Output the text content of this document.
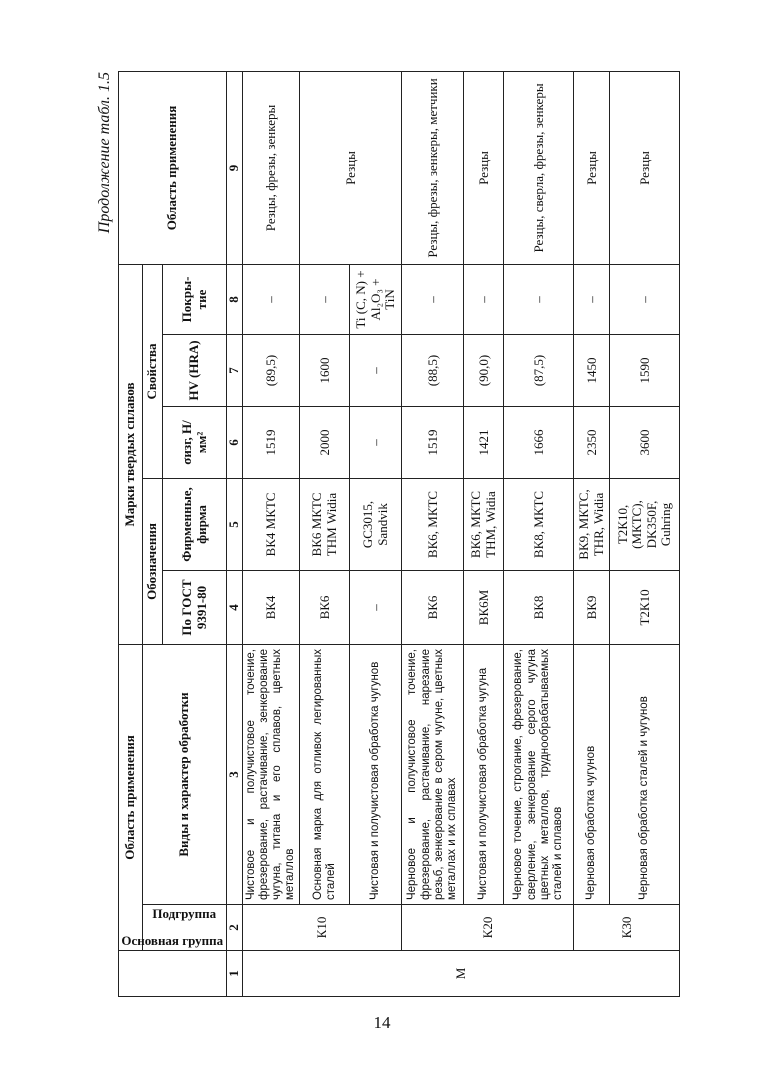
14
Продолжение табл. 1.5
Основная группа	Область применения		Марки твердых сплавов					Область применения
	Подгруппа	Виды и характер обработки	Обозначения		Свойства			
			По ГОСТ 9391-80	Фирменные, фирма	σизг, Н/мм²	HV (HRA)	Покры-тие	
1	2	3	4	5	6	7	8	9
М	К10	Чистовое и получистовое точение, фрезерование, растачивание, зенкерование чугуна, титана и его сплавов, цветных металлов	ВК4	ВК4 МКТС	1519	(89,5)	–	Резцы, фрезы, зенкеры
		Основная марка для отливок легированных сталей	ВК6	ВК6 МКТС ТНМ Widia	2000	1600	–	Резцы
		Чистовая и получистовая обработка чугунов	–	GC3015, Sandvik	–	–	Ti (C, N) + Al₂O₃ + TiN	
	К20	Черновое и получистовое точение, фрезерование, растачивание, нарезание резьб, зенкерование в сером чугуне, цветных металлах и их сплавах	ВК6	ВК6, МКТС	1519	(88,5)	–	Резцы, фрезы, зенкеры, метчики
		Чистовая и получистовая обработка чугуна	ВК6М	ВК6, МКТС ТНМ, Widia	1421	(90,0)	–	Резцы
		Черновое точение, строгание, фрезерование, сверление, зенкерование серого чугуна цветных металлов, труднообрабатываемых сталей и сплавов	ВК8	ВК8, МКТС	1666	(87,5)	–	Резцы, сверла, фрезы, зенкеры
	К30	Черновая обработка чугунов	ВК9	ВК9, МКТС, ТНR, Widia	2350	1450	–	Резцы
		Черновая обработка сталей и чугунов	Т2К10	Т2К10, (МКТС), DK350F, Guhring	3600	1590	–	Резцы
